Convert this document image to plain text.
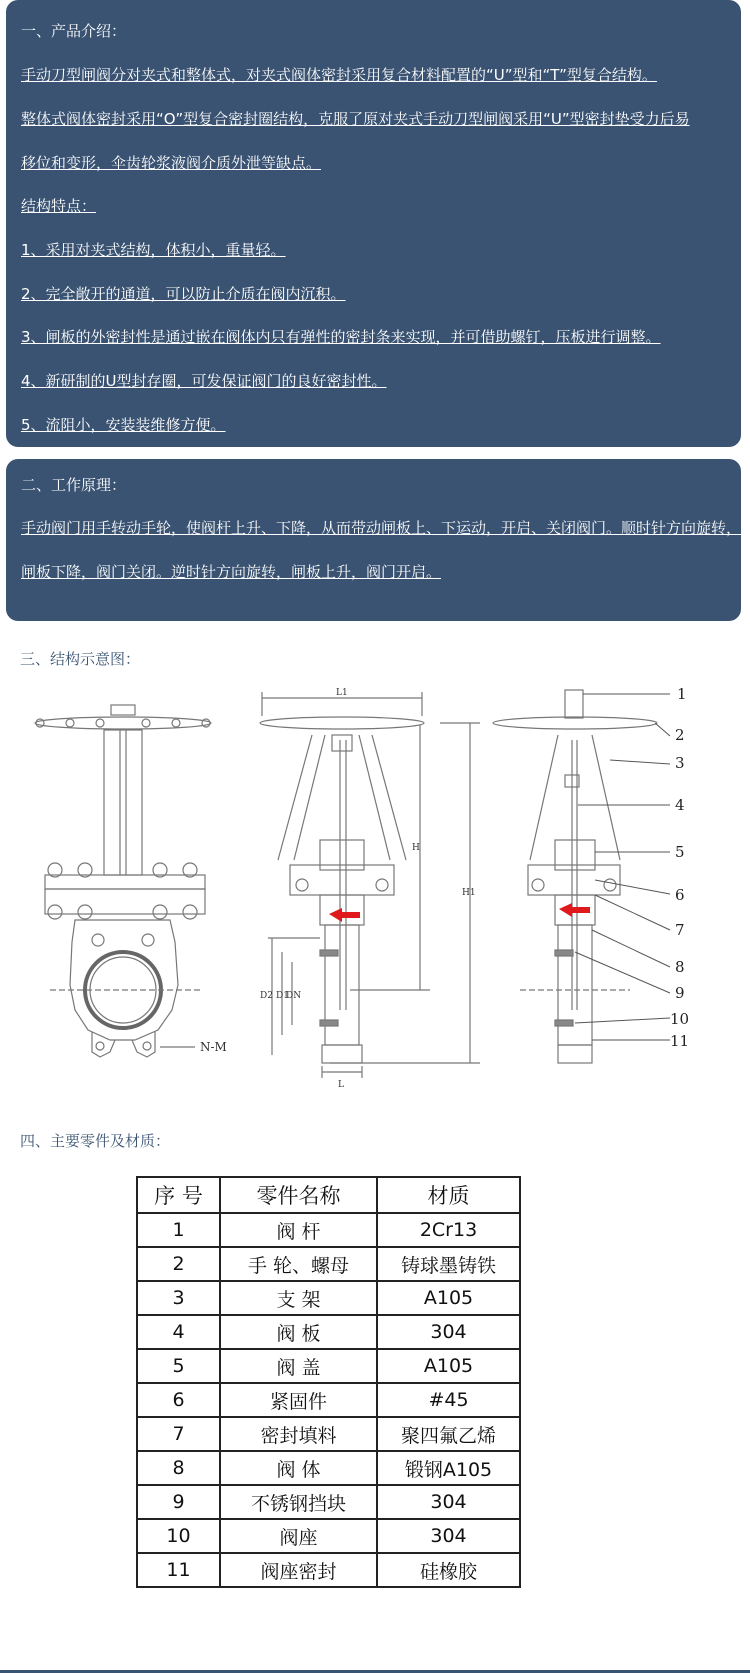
一、产品介绍：
手动刀型闸阀分对夹式和整体式，对夹式阀体密封采用复合材料配置的“U”型和“T”型复合结构。
整体式阀体密封采用“O”型复合密封圈结构，克服了原对夹式手动刀型闸阀采用“U”型密封垫受力后易
移位和变形，伞齿轮浆液阀介质外泄等缺点。
结构特点：
1、采用对夹式结构，体积小，重量轻。
2、完全敞开的通道，可以防止介质在阀内沉积。
3、闸板的外密封性是通过嵌在阀体内只有弹性的密封条来实现，并可借助螺钉，压板进行调整。
4、新研制的U型封存圈，可发保证阀门的良好密封性。
5、流阻小，安装装维修方便。
二、工作原理：
手动阀门用手转动手轮，使阀杆上升、下降，从而带动闸板上、下运动，开启、关闭阀门。顺时针方向旋转，
闸板下降，阀门关闭。逆时针方向旋转，闸板上升，阀门开启。
三、结构示意图：
1
2
3
4
5
6
7
8
9
10
11
L1
H
H1
D2 D1
DN
L
N-M
四、主要零件及材质：
序 号	零件名称	材质
1	阀 杆	2Cr13
2	手 轮、螺母	铸球墨铸铁
3	支 架	A105
4	阀 板	304
5	阀 盖	A105
6	紧固件	#45
7	密封填料	聚四氟乙烯
8	阀 体	锻钢A105
9	不锈钢挡块	304
10	阀座	304
11	阀座密封	硅橡胶
